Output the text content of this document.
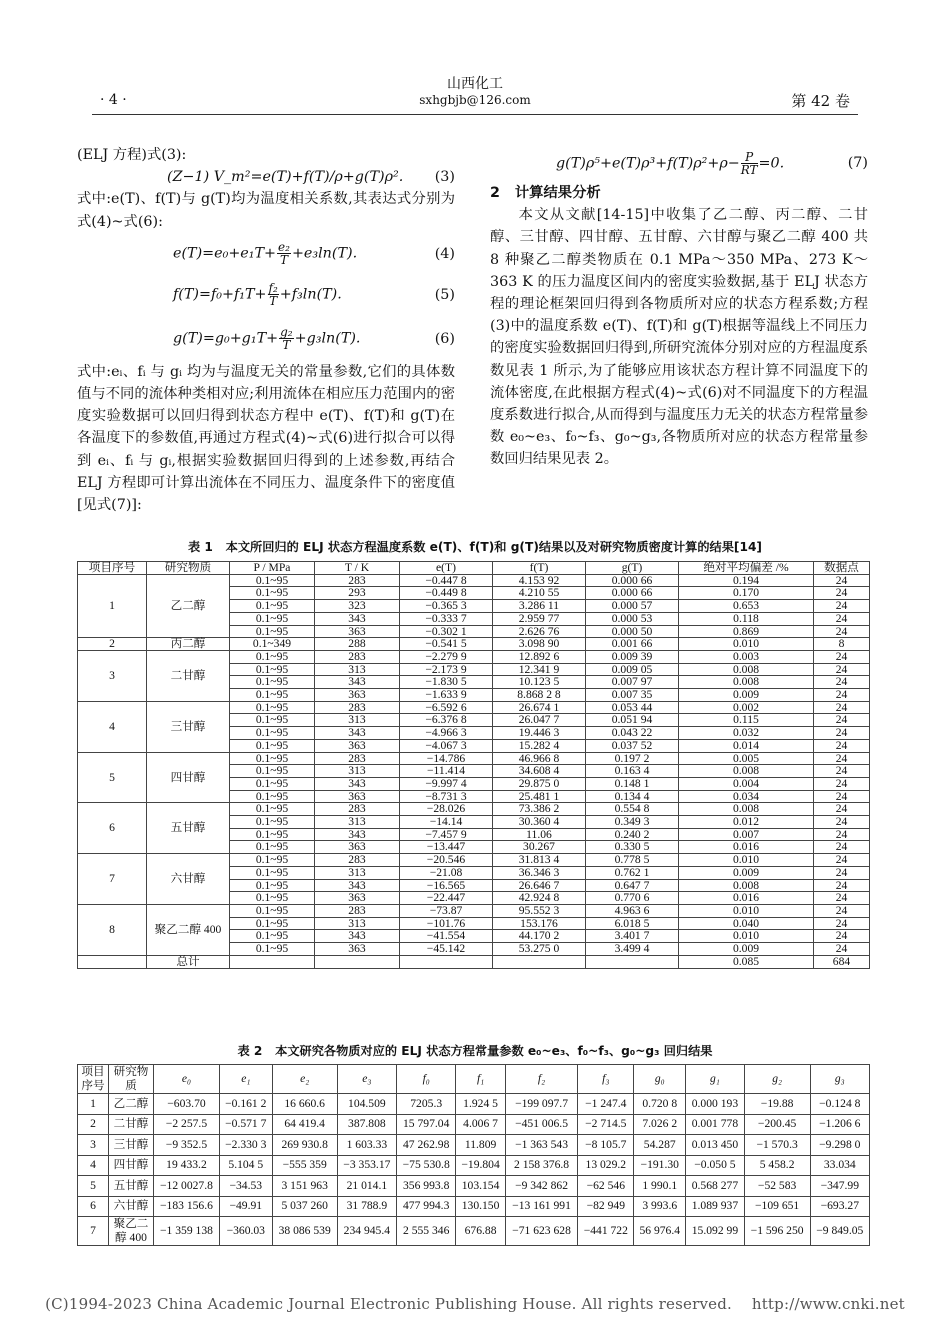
· 4 ·
山西化工
sxhgbjb@126.com	第 42 卷

(ELJ 方程)式(3):

(Z−1) V_m²=e(T)+f(T)/ρ+g(T)ρ². (3)

式中:e(T)、f(T)与 g(T)均为温度相关系数,其表达式分别为式(4)~式(6):

$e(T)=e_0+e_1T+ \frac{\text{e₂}}{T} +e_3\ln(T)$.	(4)
$f(T)=f_0+f_1T+ \frac{\text{f₂}}{T} +f_3\ln(T)$.	(5)
$g(T)=g_0+g_1T+ \frac{\text{g₂}}{T} +g_3\ln(T)$.	(6)

式中:eᵢ、fᵢ 与 gᵢ 均为与温度无关的常量参数,它们的具体数值与不同的流体种类相对应;利用流体在相应压力范围内的密度实验数据可以回归得到状态方程中 e(T)、f(T)和 g(T)在各温度下的参数值,再通过方程式(4)~式(6)进行拟合可以得到 eᵢ、fᵢ 与 gᵢ,根据实验数据回归得到的上述参数,再结合 ELJ 方程即可计算出流体在不同压力、温度条件下的密度值[见式(7)]:

$g(T)\rho^5+e(T)\rho^3+f(T)\rho^2+\rho- \frac{P}{RT} =0$.	(7)
2   计算结果分析

本文从文献[14-15]中收集了乙二醇、丙二醇、二甘醇、三甘醇、四甘醇、五甘醇、六甘醇与聚乙二醇 400 共 8 种聚乙二醇类物质在 0.1 MPa～350 MPa、273 K～363 K 的压力温度区间内的密度实验数据,基于 ELJ 状态方程的理论框架回归得到各物质所对应的状态方程系数;方程(3)中的温度系数 e(T)、f(T)和 g(T)根据等温线上不同压力的密度实验数据回归得到,所研究流体分别对应的方程温度系数见表 1 所示,为了能够应用该状态方程计算不同温度下的流体密度,在此根据方程式(4)~式(6)对不同温度下的方程温度系数进行拟合,从而得到与温度压力无关的状态方程常量参数 e₀~e₃、f₀~f₃、g₀~g₃,各物质所对应的状态方程常量参数回归结果见表 2。

表 1   本文所回归的 ELJ 状态方程温度系数 e(T)、f(T)和 g(T)结果以及对研究物质密度计算的结果[14]
项目序号	研究物质	P / MPa	T / K	e(T)	f(T)	g(T)	绝对平均偏差 /%	数据点
1	乙二醇	0.1~95	283	−0.447 8	4.153 92	0.000 66	0.194	24
		0.1~95	293	−0.449 8	4.210 55	0.000 66	0.170	24
		0.1~95	323	−0.365 3	3.286 11	0.000 57	0.653	24
		0.1~95	343	−0.333 7	2.959 77	0.000 53	0.118	24
		0.1~95	363	−0.302 1	2.626 76	0.000 50	0.869	24
2	丙二醇	0.1~349	288	−0.541 5	3.098 90	0.001 66	0.010	8
3	二甘醇	0.1~95	283	−2.279 9	12.892 6	0.009 39	0.003	24
		0.1~95	313	−2.173 9	12.341 9	0.009 05	0.008	24
		0.1~95	343	−1.830 5	10.123 5	0.007 97	0.008	24
		0.1~95	363	−1.633 9	8.868 2 8	0.007 35	0.009	24
4	三甘醇	0.1~95	283	−6.592 6	26.674 1	0.053 44	0.002	24
		0.1~95	313	−6.376 8	26.047 7	0.051 94	0.115	24
		0.1~95	343	−4.966 3	19.446 3	0.043 22	0.032	24
		0.1~95	363	−4.067 3	15.282 4	0.037 52	0.014	24
5	四甘醇	0.1~95	283	−14.786	46.966 8	0.197 2	0.005	24
		0.1~95	313	−11.414	34.608 4	0.163 4	0.008	24
		0.1~95	343	−9.997 4	29.875 0	0.148 1	0.004	24
		0.1~95	363	−8.731 3	25.481 1	0.134 4	0.034	24
6	五甘醇	0.1~95	283	−28.026	73.386 2	0.554 8	0.008	24
		0.1~95	313	−14.14	30.360 4	0.349 3	0.012	24
		0.1~95	343	−7.457 9	11.06	0.240 2	0.007	24
		0.1~95	363	−13.447	30.267	0.330 5	0.016	24
7	六甘醇	0.1~95	283	−20.546	31.813 4	0.778 5	0.010	24
		0.1~95	313	−21.08	36.346 3	0.762 1	0.009	24
		0.1~95	343	−16.565	26.646 7	0.647 7	0.008	24
		0.1~95	363	−22.447	42.924 8	0.770 6	0.016	24
8	聚乙二醇 400	0.1~95	283	−73.87	95.552 3	4.963 6	0.010	24
		0.1~95	313	−101.76	153.176	6.018 5	0.040	24
		0.1~95	343	−41.554	44.170 2	3.401 7	0.010	24
		0.1~95	363	−45.142	53.275 0	3.499 4	0.009	24
	总计						0.085	684
表 2   本文研究各物质对应的 ELJ 状态方程常量参数 e₀~e₃、f₀~f₃、g₀~g₃ 回归结果
项目序号	研究物质	e₀	e₁	e₂	e₃	f₀	f₁	f₂	f₃	g₀	g₁	g₂	g₃
1	乙二醇	−603.70	−0.161 2	16 660.6	104.509	7205.3	1.924 5	−199 097.7	−1 247.4	0.720 8	0.000 193	−19.88	−0.124 8
2	二甘醇	−2 257.5	−0.571 7	64 419.4	387.808	15 797.04	4.006 7	−451 006.5	−2 714.5	7.026 2	0.001 778	−200.45	−1.206 6
3	三甘醇	−9 352.5	−2.330 3	269 930.8	1 603.33	47 262.98	11.809	−1 363 543	−8 105.7	54.287	0.013 450	−1 570.3	−9.298 0
4	四甘醇	19 433.2	5.104 5	−555 359	−3 353.17	−75 530.8	−19.804	2 158 376.8	13 029.2	−191.30	−0.050 5	5 458.2	33.034
5	五甘醇	−12 0027.8	−34.53	3 151 963	21 014.1	356 993.8	103.154	−9 342 862	−62 546	1 990.1	0.568 277	−52 583	−347.99
6	六甘醇	−183 156.6	−49.91	5 037 260	31 788.9	477 994.3	130.150	−13 161 991	−82 949	3 993.6	1.089 937	−109 651	−693.27
7	聚乙二醇 400	−1 359 138	−360.03	38 086 539	234 945.4	2 555 346	676.88	−71 623 628	−441 722	56 976.4	15.092 99	−1 596 250	−9 849.05
(C)1994-2023 China Academic Journal Electronic Publishing House. All rights reserved.    http://www.cnki.net
